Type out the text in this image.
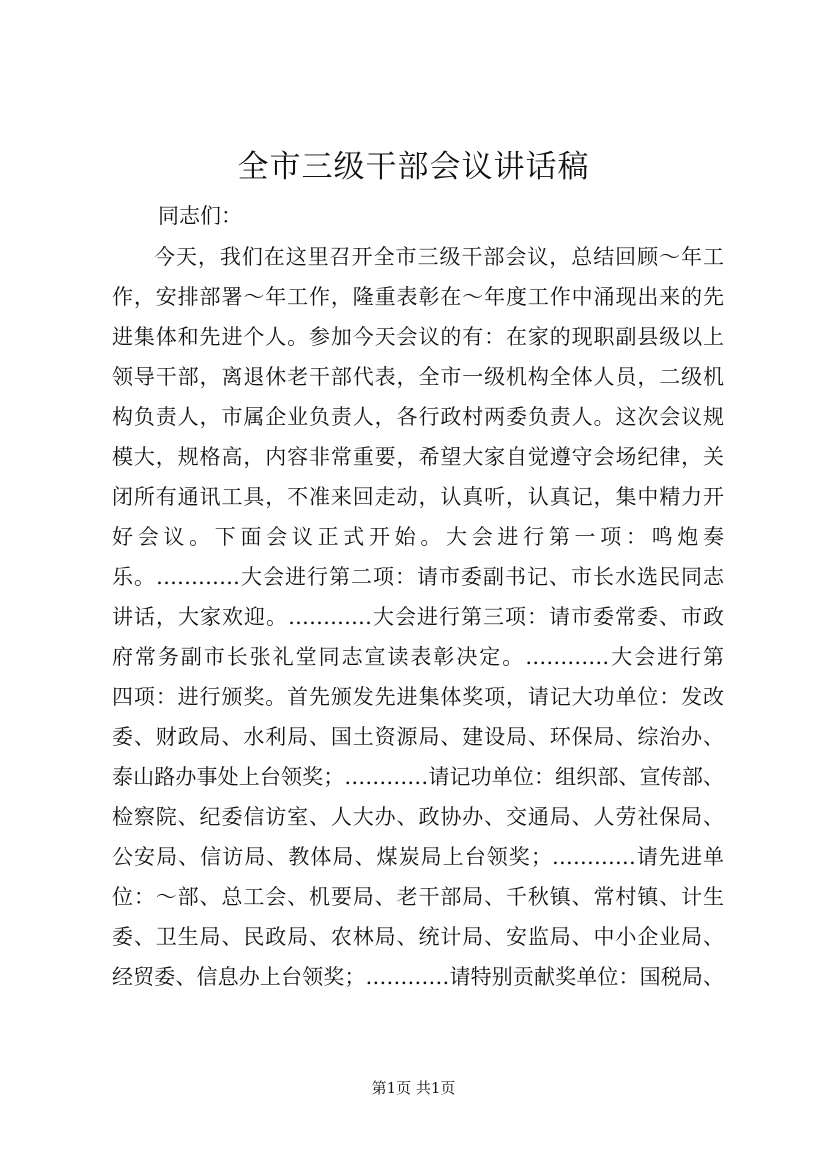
全市三级干部会议讲话稿

同志们：

今天，我们在这里召开全市三级干部会议，总结回顾～年工
作，安排部署～年工作，隆重表彰在～年度工作中涌现出来的先
进集体和先进个人。参加今天会议的有：在家的现职副县级以上
领导干部，离退休老干部代表，全市一级机构全体人员，二级机
构负责人，市属企业负责人，各行政村两委负责人。这次会议规
模大，规格高，内容非常重要，希望大家自觉遵守会场纪律，关
闭所有通讯工具，不准来回走动，认真听，认真记，集中精力开
好会议。下面会议正式开始。大会进行第一项：鸣炮奏
乐。…………大会进行第二项：请市委副书记、市长水选民同志
讲话，大家欢迎。…………大会进行第三项：请市委常委、市政
府常务副市长张礼堂同志宣读表彰决定。…………大会进行第
四项：进行颁奖。首先颁发先进集体奖项，请记大功单位：发改
委、财政局、水利局、国土资源局、建设局、环保局、综治办、
泰山路办事处上台领奖；…………请记功单位：组织部、宣传部、
检察院、纪委信访室、人大办、政协办、交通局、人劳社保局、
公安局、信访局、教体局、煤炭局上台领奖；…………请先进单
位：～部、总工会、机要局、老干部局、千秋镇、常村镇、计生
委、卫生局、民政局、农林局、统计局、安监局、中小企业局、
经贸委、信息办上台领奖；…………请特别贡献奖单位：国税局、

第1页 共1页
